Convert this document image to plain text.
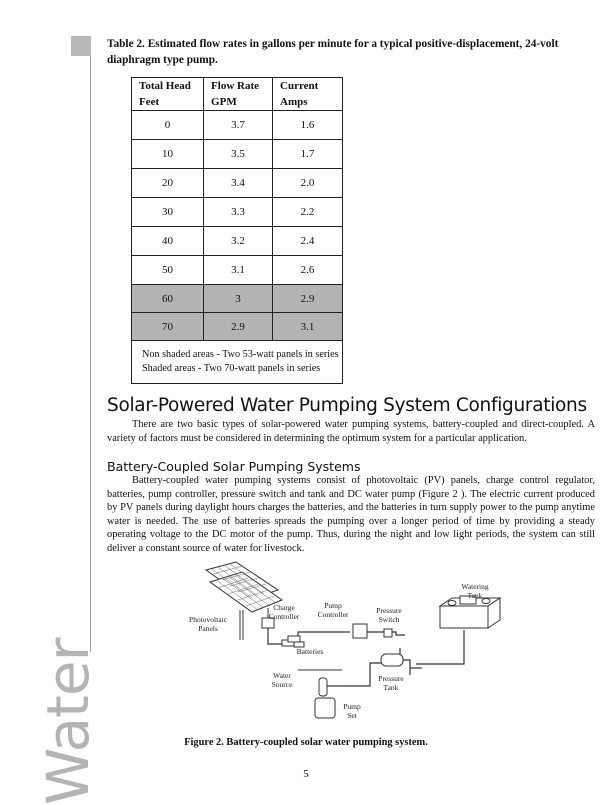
Water
Table 2. Estimated flow rates in gallons per minute for a typical positive-displacement, 24-volt diaphragm type pump.
Total Head	Flow Rate	Current
Feet	GPM	Amps
0	3.7	1.6
10	3.5	1.7
20	3.4	2.0
30	3.3	2.2
40	3.2	2.4
50	3.1	2.6
60	3	2.9
70	2.9	3.1

Non shaded areas - Two 53-watt panels in series
Shaded areas - Two 70-watt panels in series		
Solar-Powered Water Pumping System Configurations
There are two basic types of solar-powered water pumping systems, battery-coupled and direct-coupled. A variety of factors must be considered in determining the optimum system for a particular application.
Battery-Coupled Solar Pumping Systems
Battery-coupled water pumping systems consist of photovoltaic (PV) panels, charge control regulator, batteries, pump controller, pressure switch and tank and DC water pump (Figure 2 ). The electric current produced by PV panels during daylight hours charges the batteries, and the batteries in turn supply power to the pump anytime water is needed. The use of batteries spreads the pumping over a longer period of time by providing a steady operating voltage to the DC motor of the pump. Thus, during the night and low light periods, the system can still deliver a constant source of water for livestock.
Photovoltaic
Panels
Charge
Controller
Pump
Controller	Pressure
Switch
Watering
Tank
Batteries
Water
Source
Pressure
Tank
Pump
Set
Figure 2. Battery-coupled solar water pumping system.
5
